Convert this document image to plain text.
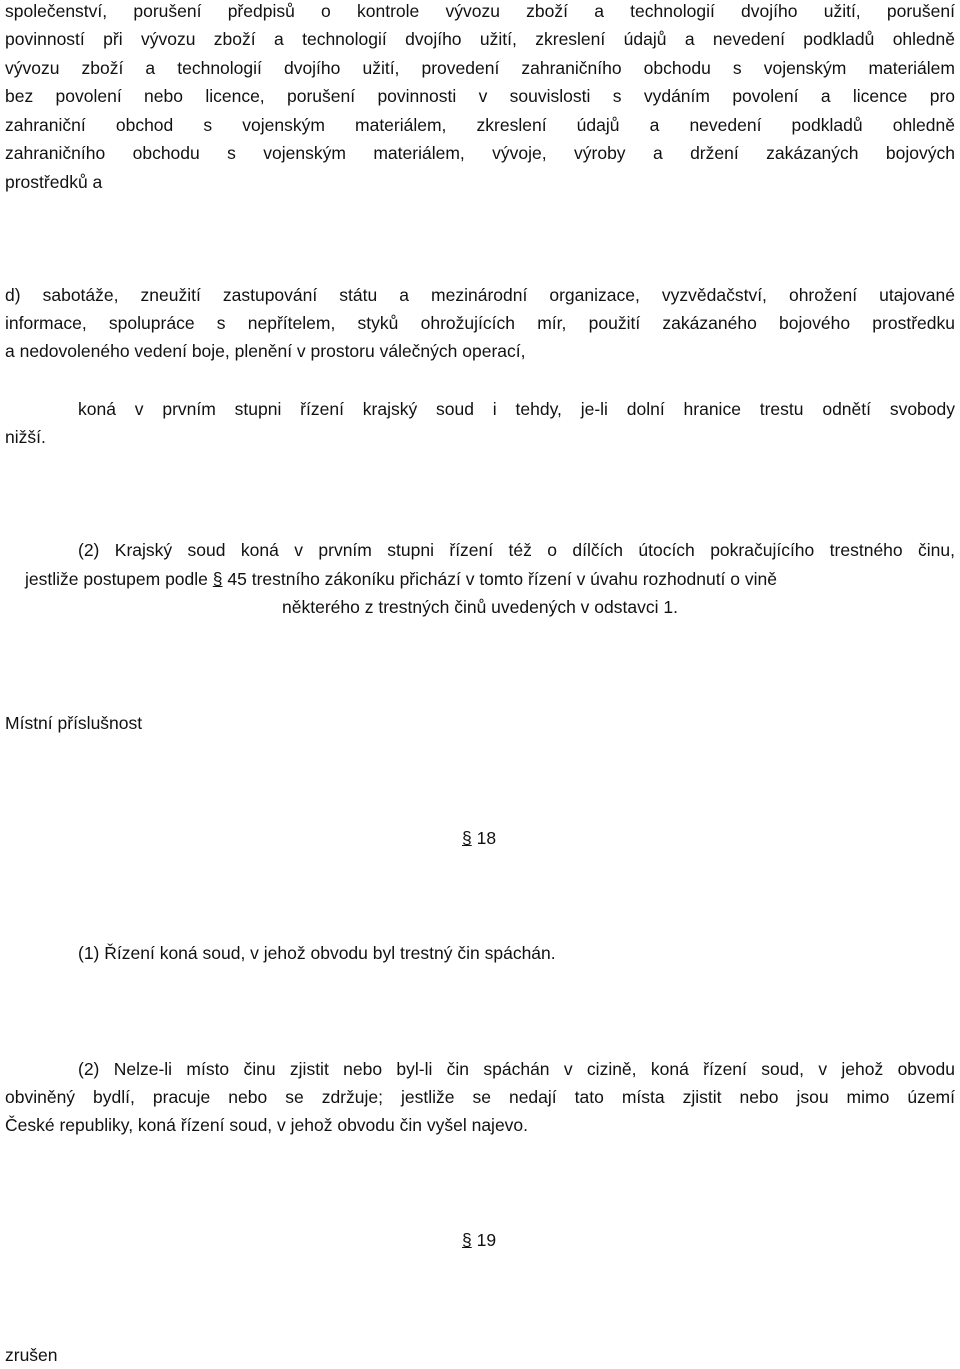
společenství, porušení předpisů o kontrole vývozu zboží a technologií dvojího užití, porušení
povinností při vývozu zboží a technologií dvojího užití, zkreslení údajů a nevedení podkladů ohledně
vývozu zboží a technologií dvojího užití, provedení zahraničního obchodu s vojenským materiálem
bez povolení nebo licence, porušení povinnosti v souvislosti s vydáním povolení a licence pro
zahraniční obchod s vojenským materiálem, zkreslení údajů a nevedení podkladů ohledně
zahraničního obchodu s vojenským materiálem, vývoje, výroby a držení zakázaných bojových
prostředků a
d) sabotáže, zneužití zastupování státu a mezinárodní organizace, vyzvědačství, ohrožení utajované
informace, spolupráce s nepřítelem, styků ohrožujících mír, použití zakázaného bojového prostředku
a nedovoleného vedení boje, plenění v prostoru válečných operací,
koná v prvním stupni řízení krajský soud i tehdy, je-li dolní hranice trestu odnětí svobody
nižší.
(2) Krajský soud koná v prvním stupni řízení též o dílčích útocích pokračujícího trestného činu,
jestliže postupem podle § 45 trestního zákoníku přichází v tomto řízení v úvahu rozhodnutí o vině
některého z trestných činů uvedených v odstavci 1.
Místní příslušnost
§ 18
(1) Řízení koná soud, v jehož obvodu byl trestný čin spáchán.
(2) Nelze-li místo činu zjistit nebo byl-li čin spáchán v cizině, koná řízení soud, v jehož obvodu
obviněný bydlí, pracuje nebo se zdržuje; jestliže se nedají tato místa zjistit nebo jsou mimo území
České republiky, koná řízení soud, v jehož obvodu čin vyšel najevo.
§ 19
zrušen
